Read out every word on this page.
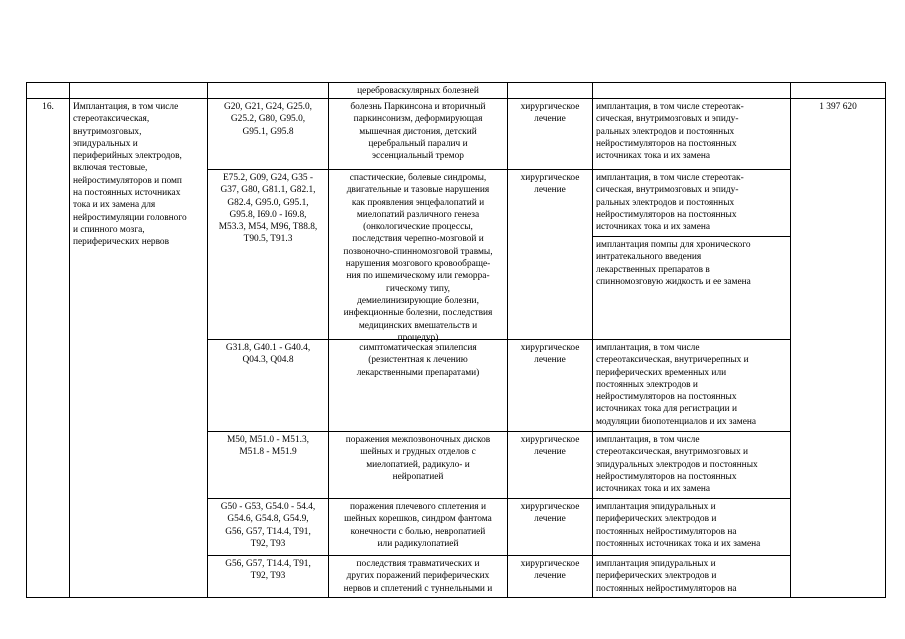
цереброваскулярных болезней
16.	Имплантация, в том числе
стереотаксическая,
внутримозговых,
эпидуральных и
периферийных электродов,
включая тестовые,
нейростимуляторов и помп
на постоянных источниках
тока и их замена для
нейростимуляции головного
и спинного мозга,
периферических нервов
1 397 620
G20, G21, G24, G25.0,
G25.2, G80, G95.0,
G95.1, G95.8
болезнь Паркинсона и вторичный
паркинсонизм, деформирующая
мышечная дистония, детский
церебральный паралич и
эссенциальный тремор
хирургическое
лечение
имплантация, в том числе стереотак-
сическая, внутримозговых и эпиду-
ральных электродов и постоянных
нейростимуляторов на постоянных
источниках тока и их замена
E75.2, G09, G24, G35 -
G37, G80, G81.1, G82.1,
G82.4, G95.0, G95.1,
G95.8, I69.0 - I69.8,
M53.3, M54, M96, T88.8,
T90.5, T91.3
спастические, болевые синдромы,
двигательные и тазовые нарушения
как проявления энцефалопатий и
миелопатий различного генеза
(онкологические процессы,
последствия черепно-мозговой и
позвоночно-спинномозговой травмы,
нарушения мозгового кровообраще-
ния по ишемическому или геморра-
гическому типу,
демиелинизирующие болезни,
инфекционные болезни, последствия
медицинских вмешательств и
процедур)
хирургическое
лечение
имплантация, в том числе стереотак-
сическая, внутримозговых и эпиду-
ральных электродов и постоянных
нейростимуляторов на постоянных
источниках тока и их замена
имплантация помпы для хронического
интратекального введения
лекарственных препаратов в
спинномозговую жидкость и ее замена
G31.8, G40.1 - G40.4,
Q04.3, Q04.8
симптоматическая эпилепсия
(резистентная к лечению
лекарственными препаратами)
хирургическое
лечение
имплантация, в том числе
стереотаксическая, внутричерепных и
периферических временных или
постоянных электродов и
нейростимуляторов на постоянных
источниках тока для регистрации и
модуляции биопотенциалов и их замена
M50, M51.0 - M51.3,
M51.8 - M51.9
поражения межпозвоночных дисков
шейных и грудных отделов с
миелопатией, радикуло- и
нейропатией
хирургическое
лечение
имплантация, в том числе
стереотаксическая, внутримозговых и
эпидуральных электродов и постоянных
нейростимуляторов на постоянных
источниках тока и их замена
G50 - G53, G54.0 - 54.4,
G54.6, G54.8, G54.9,
G56, G57, T14.4, T91,
T92, T93
поражения плечевого сплетения и
шейных корешков, синдром фантома
конечности с болью, невропатией
или радикулопатией
хирургическое
лечение
имплантация эпидуральных и
периферических электродов и
постоянных нейростимуляторов на
постоянных источниках тока и их замена
G56, G57, T14.4, T91,
T92, T93
последствия травматических и
других поражений периферических
нервов и сплетений с туннельными и
хирургическое
лечение
имплантация эпидуральных и
периферических электродов и
постоянных нейростимуляторов на
